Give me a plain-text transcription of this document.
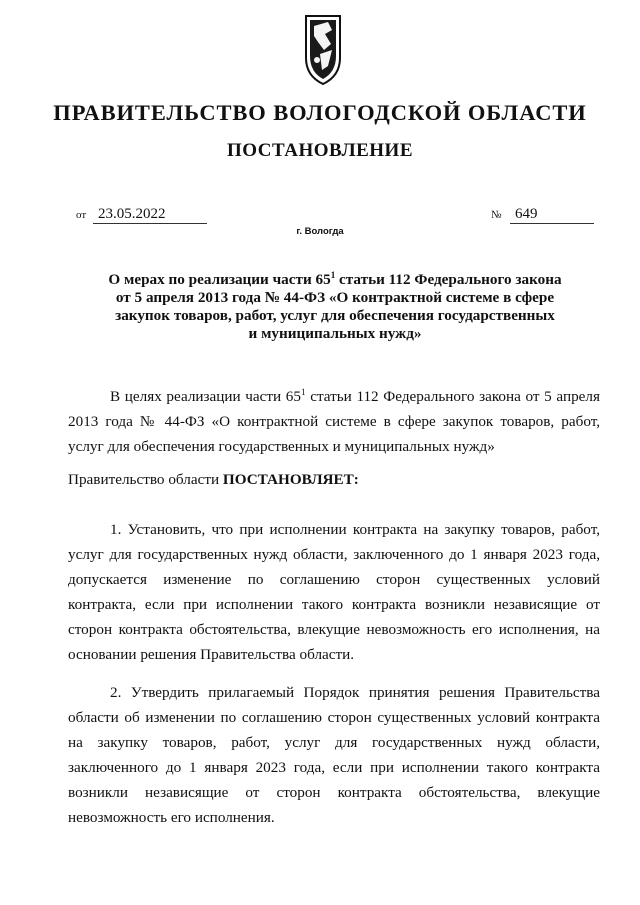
ПРАВИТЕЛЬСТВО ВОЛОГОДСКОЙ ОБЛАСТИ
ПОСТАНОВЛЕНИЕ
от 23.05.2022	№ 649
г. Вологда
О мерах по реализации части $65^1$ статьи 112 Федерального закона
от 5 апреля 2013 года № 44-ФЗ «О контрактной системе в сфере
закупок товаров, работ, услуг для обеспечения государственных
и муниципальных нужд»
В целях реализации части $65^1$ статьи 112 Федерального закона от 5 апреля
2013 года № 44-ФЗ «О контрактной системе в сфере закупок товаров, работ,
услуг для обеспечения государственных и муниципальных нужд»
Правительство области ПОСТАНОВЛЯЕТ:
1. Установить, что при исполнении контракта на закупку товаров, работ,
услуг для государственных нужд области, заключенного до 1 января 2023 года,
допускается изменение по соглашению сторон существенных условий
контракта, если при исполнении такого контракта возникли независящие от
сторон контракта обстоятельства, влекущие невозможность его исполнения, на
основании решения Правительства области.
2. Утвердить прилагаемый Порядок принятия решения Правительства
области об изменении по соглашению сторон существенных условий контракта
на закупку товаров, работ, услуг для государственных нужд области,
заключенного до 1 января 2023 года, если при исполнении такого контракта
возникли независящие от сторон контракта обстоятельства, влекущие
невозможность его исполнения.
